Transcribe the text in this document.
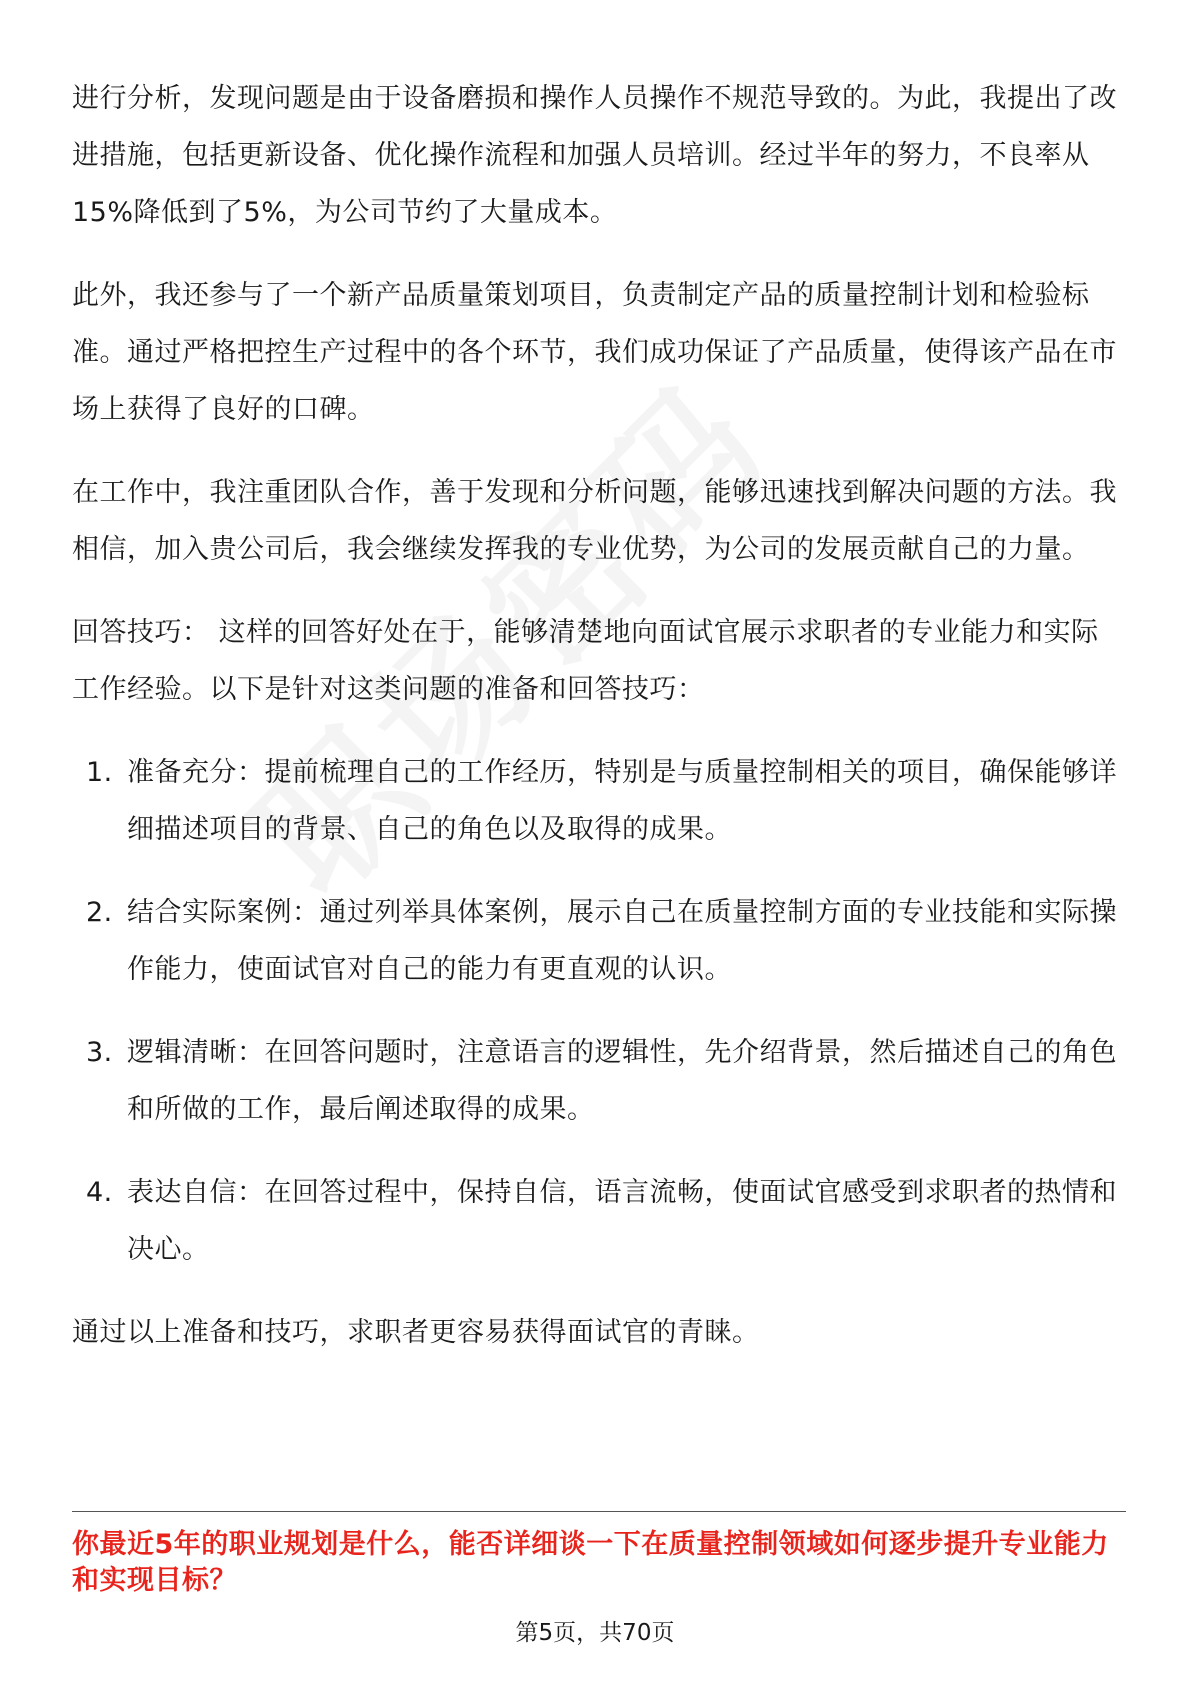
进行分析，发现问题是由于设备磨损和操作人员操作不规范导致的。为此，我提出了改进措施，包括更新设备、优化操作流程和加强人员培训。经过半年的努力，不良率从15%降低到了5%，为公司节约了大量成本。

此外，我还参与了一个新产品质量策划项目，负责制定产品的质量控制计划和检验标准。通过严格把控生产过程中的各个环节，我们成功保证了产品质量，使得该产品在市场上获得了良好的口碑。

在工作中，我注重团队合作，善于发现和分析问题，能够迅速找到解决问题的方法。我相信，加入贵公司后，我会继续发挥我的专业优势，为公司的发展贡献自己的力量。

回答技巧： 这样的回答好处在于，能够清楚地向面试官展示求职者的专业能力和实际工作经验。以下是针对这类问题的准备和回答技巧：

1. 准备充分：提前梳理自己的工作经历，特别是与质量控制相关的项目，确保能够详细描述项目的背景、自己的角色以及取得的成果。
2. 结合实际案例：通过列举具体案例，展示自己在质量控制方面的专业技能和实际操作能力，使面试官对自己的能力有更直观的认识。
3. 逻辑清晰：在回答问题时，注意语言的逻辑性，先介绍背景，然后描述自己的角色和所做的工作，最后阐述取得的成果。
4. 表达自信：在回答过程中，保持自信，语言流畅，使面试官感受到求职者的热情和决心。

通过以上准备和技巧，求职者更容易获得面试官的青睐。

你最近5年的职业规划是什么，能否详细谈一下在质量控制领域如何逐步提升专业能力和实现目标？
第5页，共70页
